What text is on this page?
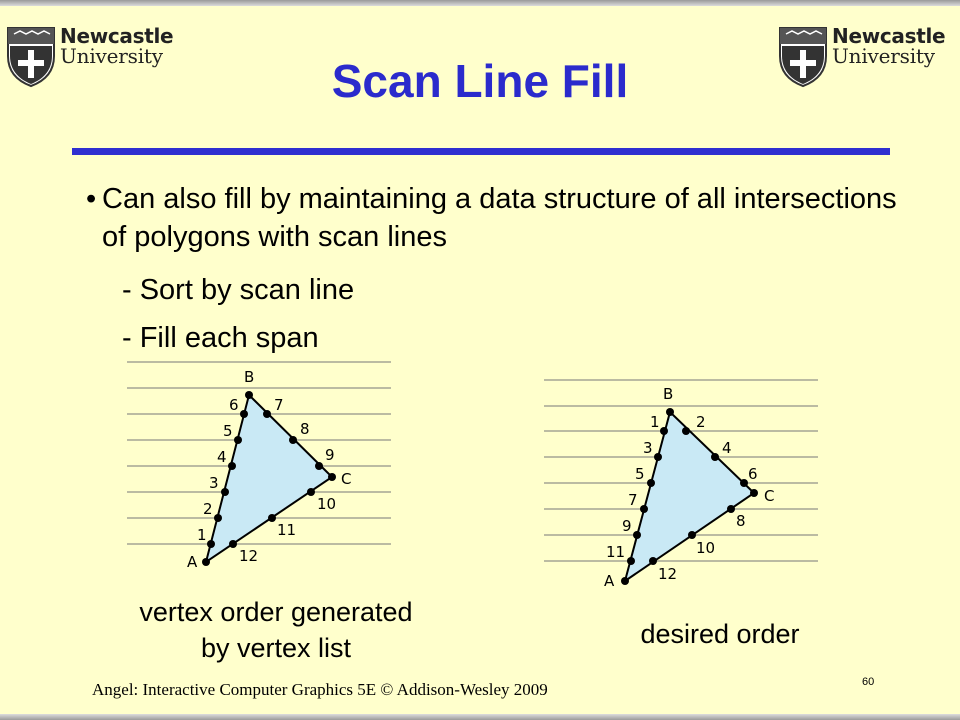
Newcastle
University
Newcastle
University
Scan Line Fill
• Can also fill by maintaining a data structure of all intersections of polygons with scan lines
- Sort by scan line
- Fill each span
A
B
C
1
2
3
4
5
6 7
8
9
10
11
12
A
B
C
1 2
3	4
5	6
7
8
9
10
11
12
vertex order generated
by vertex list	desired order
Angel: Interactive Computer Graphics 5E © Addison-Wesley 2009	60
